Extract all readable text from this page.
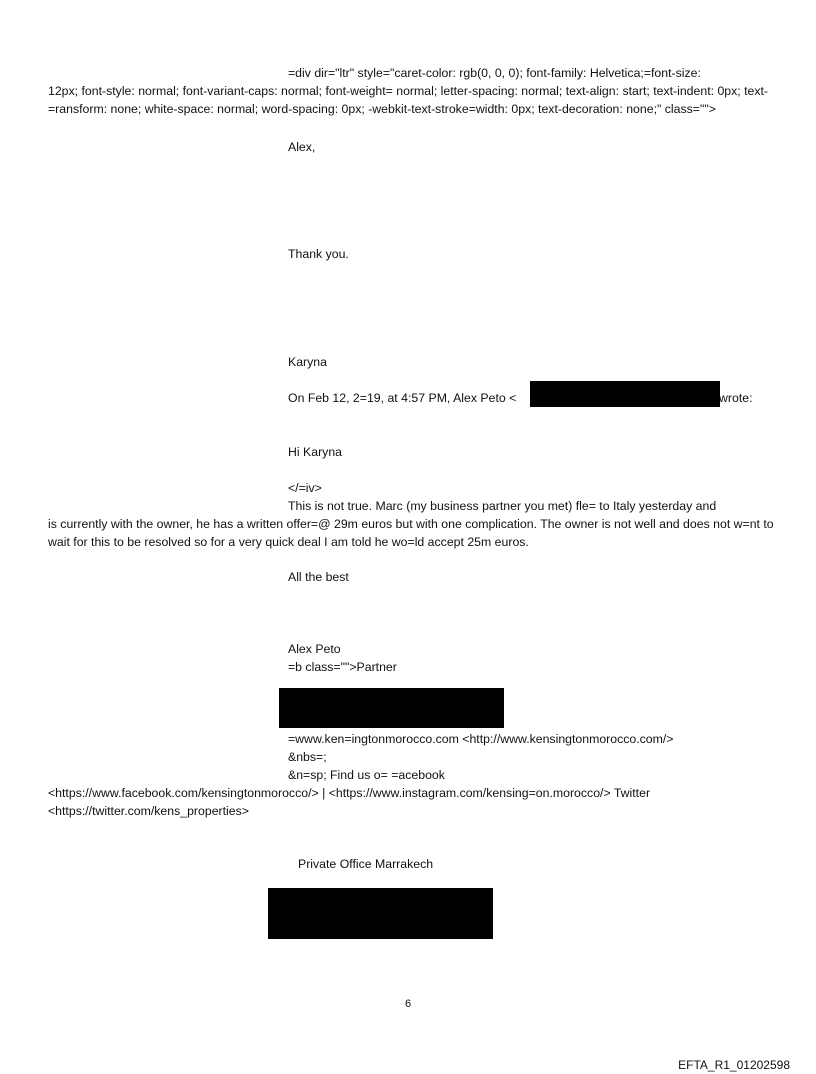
=div dir="ltr" style="caret-color: rgb(0, 0, 0); font-family: Helvetica;=font-size:
12px; font-style: normal; font-variant-caps: normal; font-weight= normal; letter-spacing: normal; text-align: start; text-indent: 0px; text-=ransform: none; white-space: normal; word-spacing: 0px; -webkit-text-stroke=width: 0px; text-decoration: none;" class="">
Alex,
Thank you.
Karyna
On Feb 12, 2=19, at 4:57 PM, Alex Peto <	wrote:
Hi Karyna
</=iv>
This is not true. Marc (my business partner you met) fle= to Italy yesterday and
is currently with the owner, he has a written offer=@ 29m euros but with one complication. The owner is not well and does not w=nt to wait for this to be resolved so for a very quick deal I am told he wo=ld accept 25m euros.
All the best
Alex Peto
=b class="">Partner
=www.ken=ingtonmorocco.com <http://www.kensingtonmorocco.com/>
&nbs=;
&n=sp; Find us o= =acebook
<https://www.facebook.com/kensingtonmorocco/> | <https://www.instagram.com/kensing=on.morocco/> Twitter <https://twitter.com/kens_properties>
Private Office Marrakech
6
EFTA_R1_01202598
